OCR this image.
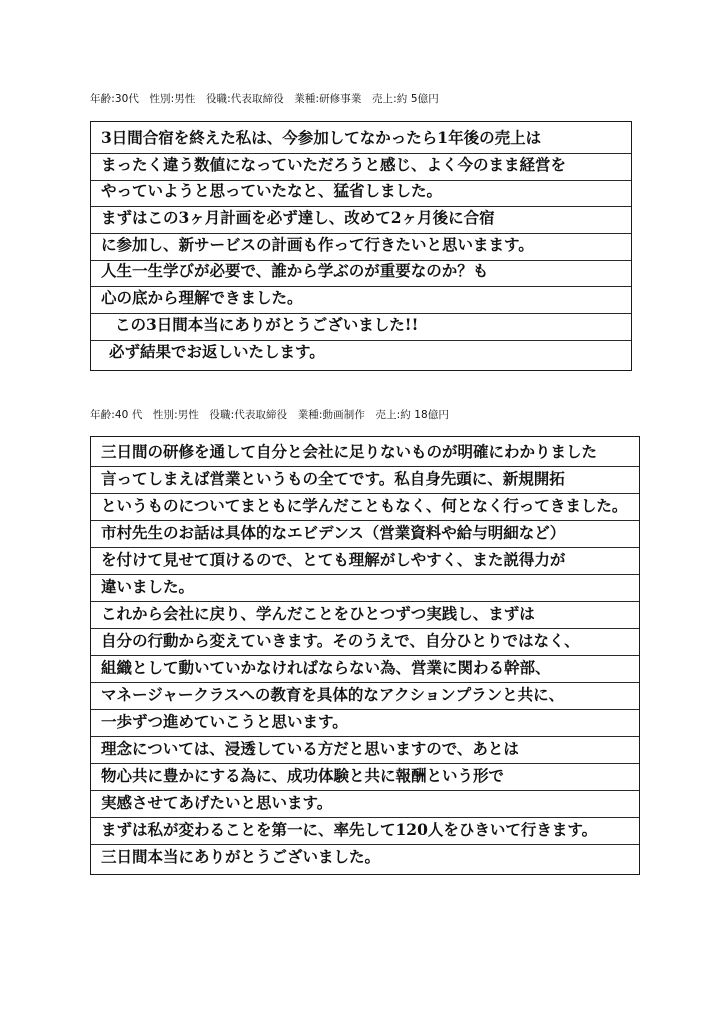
年齢:30代 性別:男性 役職:代表取締役 業種:研修事業 売上:約 5億円
3日間合宿を終えた私は、今参加してなかったら1年後の売上は
まったく違う数値になっていただろうと感じ、よく今のまま経営を
やっていようと思っていたなと、猛省しました。
まずはこの3ヶ月計画を必ず達し、改めて2ヶ月後に合宿
に参加し、新サービスの計画も作って行きたいと思いまます。
人生一生学びが必要で、誰から学ぶのが重要なのか？も
心の底から理解できました。
この3日間本当にありがとうございました!!
必ず結果でお返しいたします。
年齢:40 代 性別:男性 役職:代表取締役 業種:動画制作 売上:約 18億円
三日間の研修を通して自分と会社に足りないものが明確にわかりました
言ってしまえば営業というもの全てです。私自身先頭に、新規開拓
というものについてまともに学んだこともなく、何となく行ってきました。
市村先生のお話は具体的なエビデンス（営業資料や給与明細など）
を付けて見せて頂けるので、とても理解がしやすく、また説得力が
違いました。
これから会社に戻り、学んだことをひとつずつ実践し、まずは
自分の行動から変えていきます。そのうえで、自分ひとりではなく、
組織として動いていかなければならない為、営業に関わる幹部、
マネージャークラスへの教育を具体的なアクションプランと共に、
一歩ずつ進めていこうと思います。
理念については、浸透している方だと思いますので、あとは
物心共に豊かにする為に、成功体験と共に報酬という形で
実感させてあげたいと思います。
まずは私が変わることを第一に、率先して120人をひきいて行きます。
三日間本当にありがとうございました。
